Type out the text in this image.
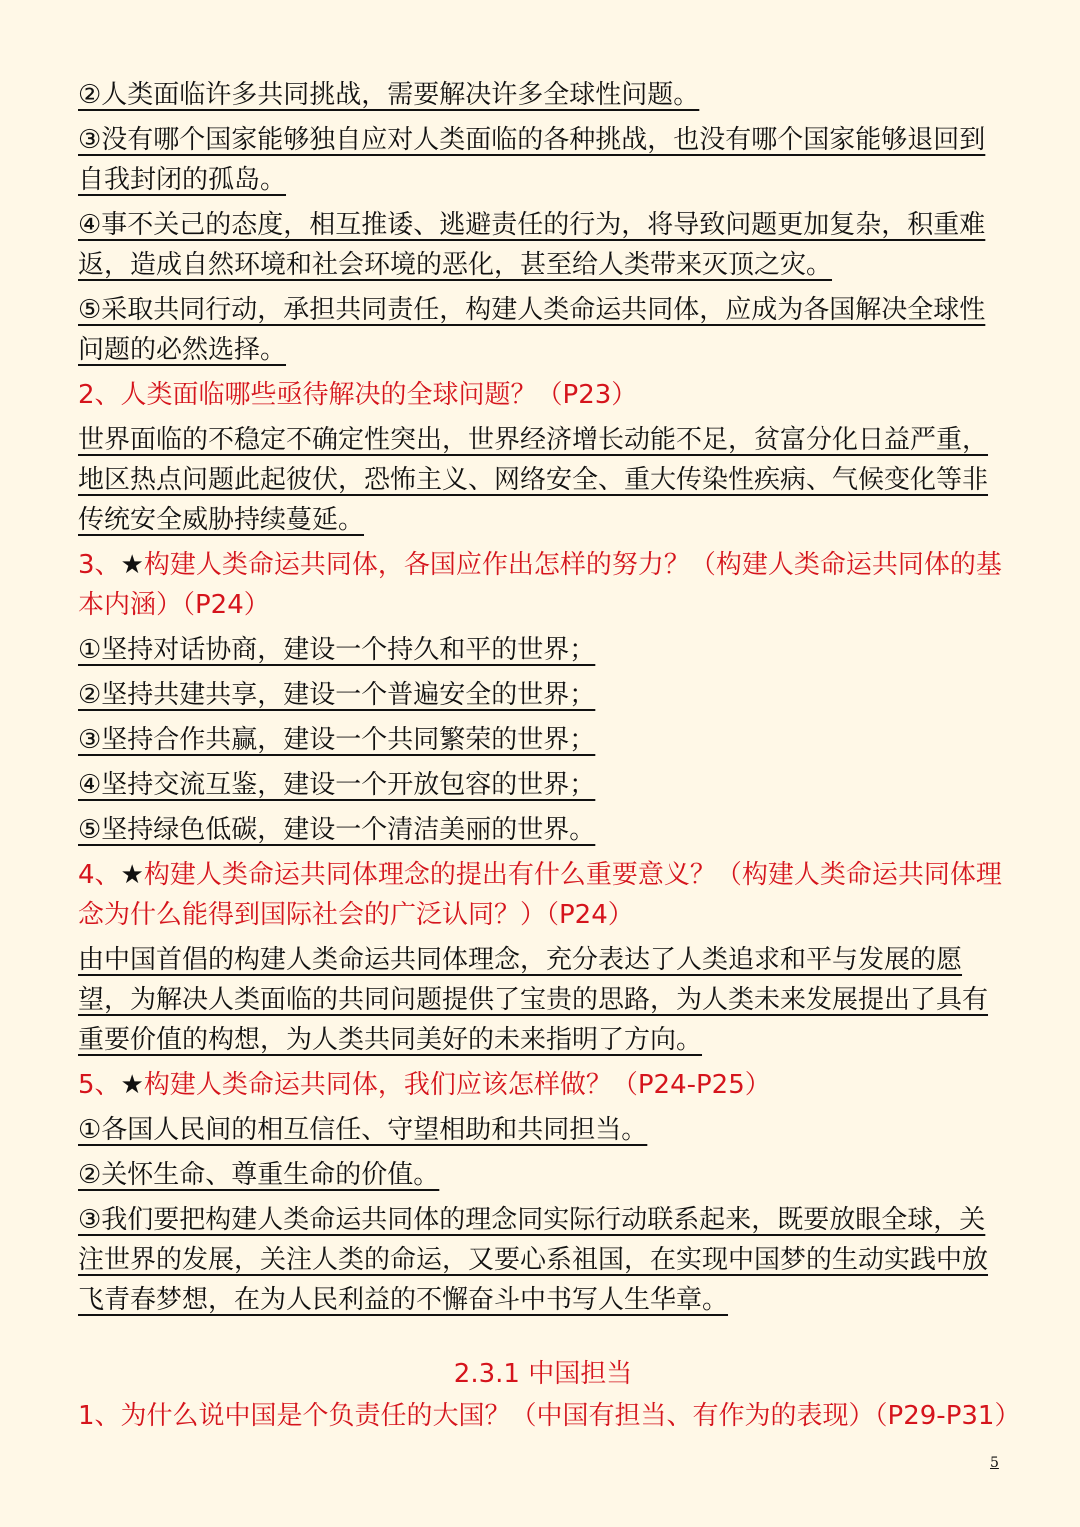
②人类面临许多共同挑战，需要解决许多全球性问题。
③没有哪个国家能够独自应对人类面临的各种挑战，也没有哪个国家能够退回到自我封闭的孤岛。
④事不关己的态度，相互推诿、逃避责任的行为，将导致问题更加复杂，积重难返，造成自然环境和社会环境的恶化，甚至给人类带来灭顶之灾。
⑤采取共同行动，承担共同责任，构建人类命运共同体，应成为各国解决全球性问题的必然选择。
2、人类面临哪些亟待解决的全球问题？（P23）
世界面临的不稳定不确定性突出，世界经济增长动能不足，贫富分化日益严重，地区热点问题此起彼伏，恐怖主义、网络安全、重大传染性疾病、气候变化等非传统安全威胁持续蔓延。
3、★构建人类命运共同体，各国应作出怎样的努力？（构建人类命运共同体的基本内涵）（P24）
①坚持对话协商，建设一个持久和平的世界；
②坚持共建共享，建设一个普遍安全的世界；
③坚持合作共赢，建设一个共同繁荣的世界；
④坚持交流互鉴，建设一个开放包容的世界；
⑤坚持绿色低碳，建设一个清洁美丽的世界。
4、★构建人类命运共同体理念的提出有什么重要意义？（构建人类命运共同体理念为什么能得到国际社会的广泛认同？）（P24）
由中国首倡的构建人类命运共同体理念，充分表达了人类追求和平与发展的愿望，为解决人类面临的共同问题提供了宝贵的思路，为人类未来发展提出了具有重要价值的构想，为人类共同美好的未来指明了方向。
5、★构建人类命运共同体，我们应该怎样做？（P24-P25）
①各国人民间的相互信任、守望相助和共同担当。
②关怀生命、尊重生命的价值。
③我们要把构建人类命运共同体的理念同实际行动联系起来，既要放眼全球，关注世界的发展，关注人类的命运，又要心系祖国，在实现中国梦的生动实践中放飞青春梦想，在为人民利益的不懈奋斗中书写人生华章。
2.3.1 中国担当
1、为什么说中国是个负责任的大国？（中国有担当、有作为的表现）（P29-P31）
5
